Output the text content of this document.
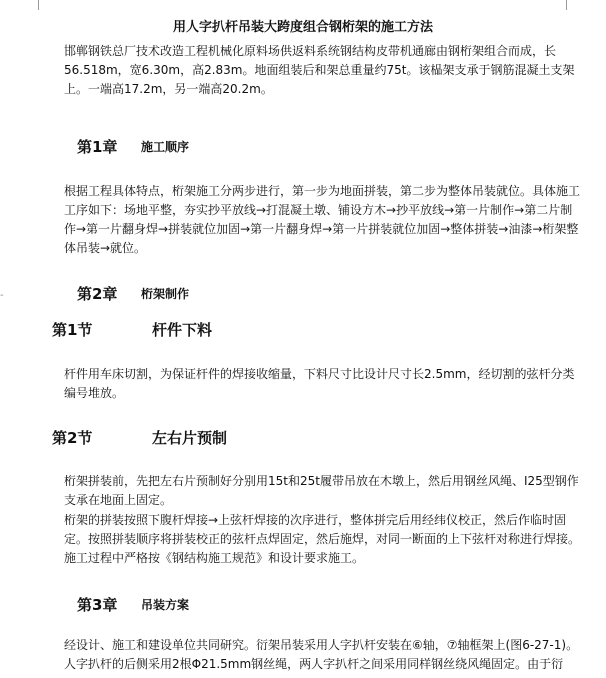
-
用人字扒杆吊装大跨度组合钢桁架的施工方法

邯郸钢铁总厂技术改造工程机械化原料场供返料系统钢结构皮带机通廊由钢桁架组合而成，长56.518m，宽6.30m，高2.83m。地面组装后和架总重量约75t。该榀架支承于钢筋混凝土支架上。一端高17.2m，另一端高20.2m。

第1章 施工顺序

根据工程具体特点，桁架施工分两步进行，第一步为地面拼装，第二步为整体吊装就位。具体施工工序如下：场地平整，夯实抄平放线→打混凝土墩、铺设方木→抄平放线→第一片制作→第二片制作→第一片翻身焊→拼装就位加固→第一片翻身焊→第一片拼装就位加固→整体拼装→油漆→桁架整体吊装→就位。

第2章 桁架制作
第1节	杆件下料

杆件用车床切割，为保证杆件的焊接收缩量，下料尺寸比设计尺寸长2.5mm，经切割的弦杆分类编号堆放。

第2节	左右片预制

桁架拼装前，先把左右片预制好分别用15t和25t履带吊放在木墩上，然后用钢丝风绳、I25型钢作支承在地面上固定。

桁架的拼装按照下腹杆焊接→上弦杆焊接的次序进行，整体拼完后用经纬仪校正，然后作临时固定。按照拼装顺序将拼装校正的弦杆点焊固定，然后施焊，对同一断面的上下弦杆对称进行焊接。施工过程中严格按《钢结构施工规范》和设计要求施工。

第3章 吊装方案

经设计、施工和建设单位共同研究。衍架吊装采用人字扒杆安装在⑥轴，⑦轴框架上(图6-27-1)。人字扒杆的后侧采用2根Φ21.5mm钢丝绳，两人字扒杆之间采用同样钢丝绕风绳固定。由于衍
